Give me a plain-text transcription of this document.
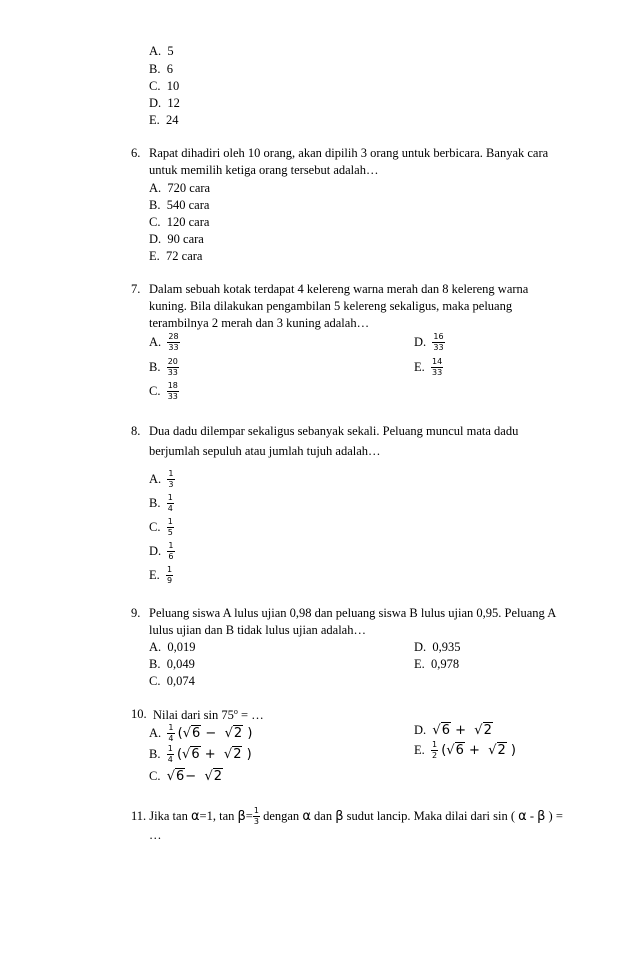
A. 5
B. 6
C. 10
D. 12
E. 24
6. Rapat dihadiri oleh 10 orang, akan dipilih 3 orang untuk berbicara. Banyak cara
untuk memilih ketiga orang tersebut adalah…
A. 720 cara
B. 540 cara
C. 120 cara
D. 90 cara
E. 72 cara
7. Dalam sebuah kotak terdapat 4 kelereng warna merah dan 8 kelereng warna
kuning. Bila dilakukan pengambilan 5 kelereng sekaligus, maka peluang
terambilnya 2 merah dan 3 kuning adalah…
A. $\frac{28}{33}$
B. $\frac{20}{33}$
C. $\frac{18}{33}$
D. $\frac{16}{33}$
E. $\frac{14}{33}$
8. Dua dadu dilempar sekaligus sebanyak sekali. Peluang muncul mata dadu
berjumlah sepuluh atau jumlah tujuh adalah…
A. $\frac{1}{3}$
B. $\frac{1}{4}$
C. $\frac{1}{5}$
D. $\frac{1}{6}$
E. $\frac{1}{9}$
9. Peluang siswa A lulus ujian 0,98 dan peluang siswa B lulus ujian 0,95. Peluang A
lulus ujian dan B tidak lulus ujian adalah…
A. 0,019
B. 0,049
C. 0,074
D. 0,935
E. 0,978
10. Nilai dari $\sin 75^o$ = …
A. $\frac{1}{4} (√6 - √2$ )
B. $\frac{1}{4} (√6 + √2$ )
C. √6− √2
D. √6 + √2
E. $\frac{1}{2} (√6 + √2$ )
11. Jika tan α=1, $\tan \beta= \frac{1}{3}$ dengan α dan β sudut lancip. Maka dilai dari sin ( α - β ) =
…
